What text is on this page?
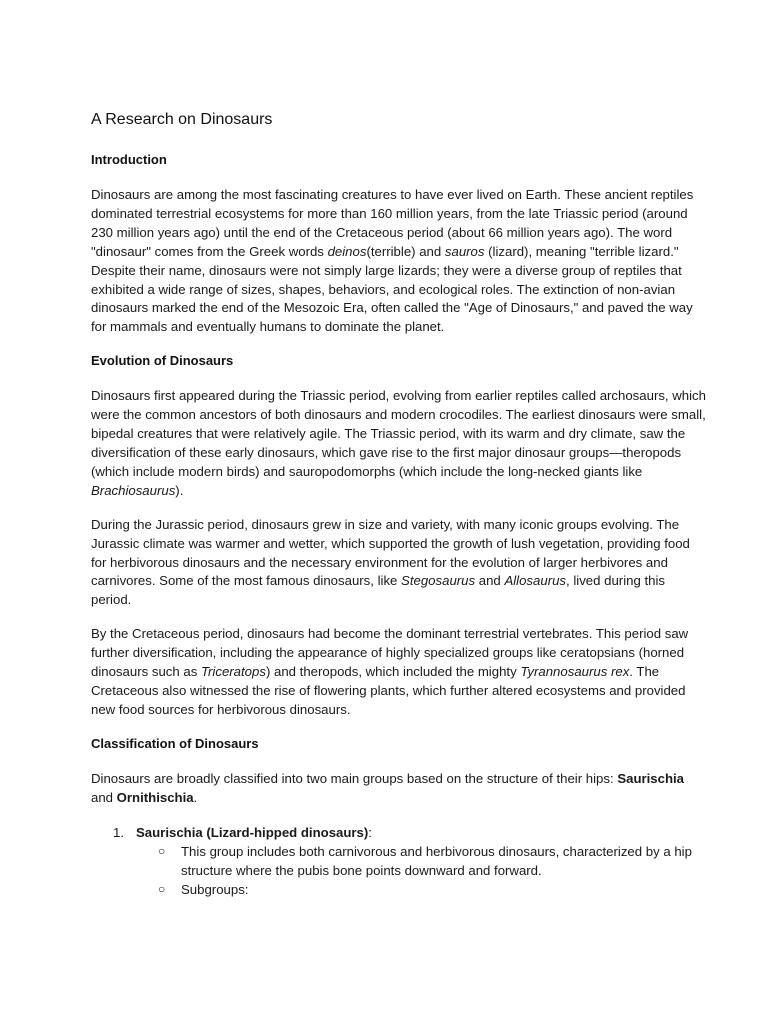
A Research on Dinosaurs
Introduction

Dinosaurs are among the most fascinating creatures to have ever lived on Earth. These ancient reptiles dominated terrestrial ecosystems for more than 160 million years, from the late Triassic period (around 230 million years ago) until the end of the Cretaceous period (about 66 million years ago). The word "dinosaur" comes from the Greek words deinos(terrible) and sauros (lizard), meaning "terrible lizard." Despite their name, dinosaurs were not simply large lizards; they were a diverse group of reptiles that exhibited a wide range of sizes, shapes, behaviors, and ecological roles. The extinction of non-avian dinosaurs marked the end of the Mesozoic Era, often called the "Age of Dinosaurs," and paved the way for mammals and eventually humans to dominate the planet.

Evolution of Dinosaurs

Dinosaurs first appeared during the Triassic period, evolving from earlier reptiles called archosaurs, which were the common ancestors of both dinosaurs and modern crocodiles. The earliest dinosaurs were small, bipedal creatures that were relatively agile. The Triassic period, with its warm and dry climate, saw the diversification of these early dinosaurs, which gave rise to the first major dinosaur groups—theropods (which include modern birds) and sauropodomorphs (which include the long-necked giants like Brachiosaurus).

During the Jurassic period, dinosaurs grew in size and variety, with many iconic groups evolving. The Jurassic climate was warmer and wetter, which supported the growth of lush vegetation, providing food for herbivorous dinosaurs and the necessary environment for the evolution of larger herbivores and carnivores. Some of the most famous dinosaurs, like Stegosaurus and Allosaurus, lived during this period.

By the Cretaceous period, dinosaurs had become the dominant terrestrial vertebrates. This period saw further diversification, including the appearance of highly specialized groups like ceratopsians (horned dinosaurs such as Triceratops) and theropods, which included the mighty Tyrannosaurus rex. The Cretaceous also witnessed the rise of flowering plants, which further altered ecosystems and provided new food sources for herbivorous dinosaurs.

Classification of Dinosaurs

Dinosaurs are broadly classified into two main groups based on the structure of their hips: Saurischia and Ornithischia.

1. Saurischia (Lizard-hipped dinosaurs):
○ This group includes both carnivorous and herbivorous dinosaurs, characterized by a hip structure where the pubis bone points downward and forward.
○ Subgroups:
